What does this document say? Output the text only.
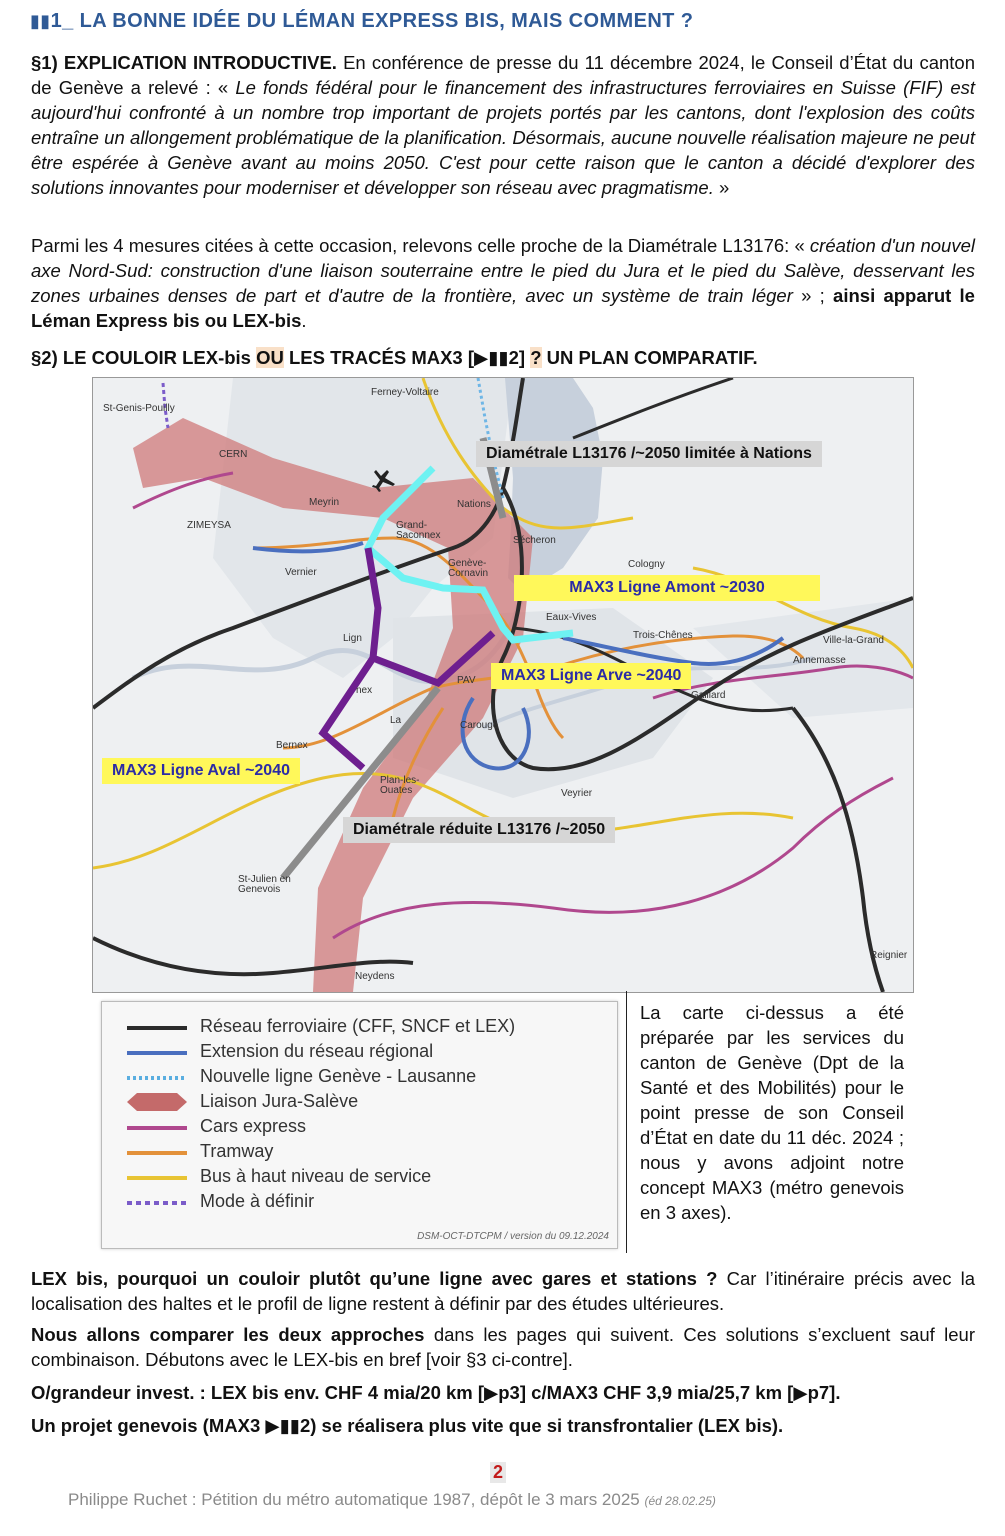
▮▮1_ LA BONNE IDÉE DU LÉMAN EXPRESS BIS, MAIS COMMENT ?
§1) EXPLICATION INTRODUCTIVE. En conférence de presse du 11 décembre 2024, le Conseil d’État du canton de Genève a relevé : « Le fonds fédéral pour le financement des infrastructures ferroviaires en Suisse (FIF) est aujourd'hui confronté à un nombre trop important de projets portés par les cantons, dont l'explosion des coûts entraîne un allongement problématique de la planification. Désormais, aucune nouvelle réalisation majeure ne peut être espérée à Genève avant au moins 2050. C'est pour cette raison que le canton a décidé d'explorer des solutions innovantes pour moderniser et développer son réseau avec pragmatisme. »
Parmi les 4 mesures citées à cette occasion, relevons celle proche de la Diamétrale L13176: « création d'un nouvel axe Nord-Sud: construction d'une liaison souterraine entre le pied du Jura et le pied du Salève, desservant les zones urbaines denses de part et d'autre de la frontière, avec un système de train léger » ; ainsi apparut le Léman Express bis ou LEX-bis.
§2) LE COULOIR LEX-bis OU LES TRACÉS MAX3 [▶▮▮2] ? UN PLAN COMPARATIF.
St-Genis-Pouilly
Ferney-Voltaire
CERN
Meyrin	Nations
ZIMEYSA	Grand-Saconnex	Sécheron
Genève-Cornavin
Cologny
Vernier
Eaux-Vives
Trois-Chênes	Ville-la-Grand
Lign
nex
PAV
Gaillard
Annemasse
La	Carouge
Bernex
Plan-les-Ouates	Veyrier
St-Julien en Genevois
Reignier
Neydens
Diamétrale L13176 /~2050 limitée à Nations
MAX3 Ligne Amont ~2030
MAX3 Ligne Arve ~2040
MAX3 Ligne Aval ~2040
Diamétrale réduite L13176 /~2050
Réseau ferroviaire (CFF, SNCF et LEX)
Extension du réseau régional
Nouvelle ligne Genève - Lausanne
Liaison Jura-Salève
Cars express
Tramway
Bus à haut niveau de service
Mode à définir
DSM-OCT-DTCPM / version du 09.12.2024
La carte ci-dessus a été préparée par les services du canton de Genève (Dpt de la Santé et des Mobilités) pour le point presse de son Conseil d’État en date du 11 déc. 2024 ; nous y avons adjoint notre concept MAX3 (métro genevois en 3 axes).
LEX bis, pourquoi un couloir plutôt qu’une ligne avec gares et stations ? Car l’itinéraire précis avec la localisation des haltes et le profil de ligne restent à définir par des études ultérieures.
Nous allons comparer les deux approches dans les pages qui suivent. Ces solutions s’excluent sauf leur combinaison. Débutons avec le LEX-bis en bref [voir §3 ci-contre].
O/grandeur invest. : LEX bis env. CHF 4 mia/20 km [▶p3] c/MAX3 CHF 3,9 mia/25,7 km [▶p7].
Un projet genevois (MAX3 ▶▮▮2) se réalisera plus vite que si transfrontalier (LEX bis).
2
Philippe Ruchet : Pétition du métro automatique 1987, dépôt le 3 mars 2025 (éd 28.02.25)
